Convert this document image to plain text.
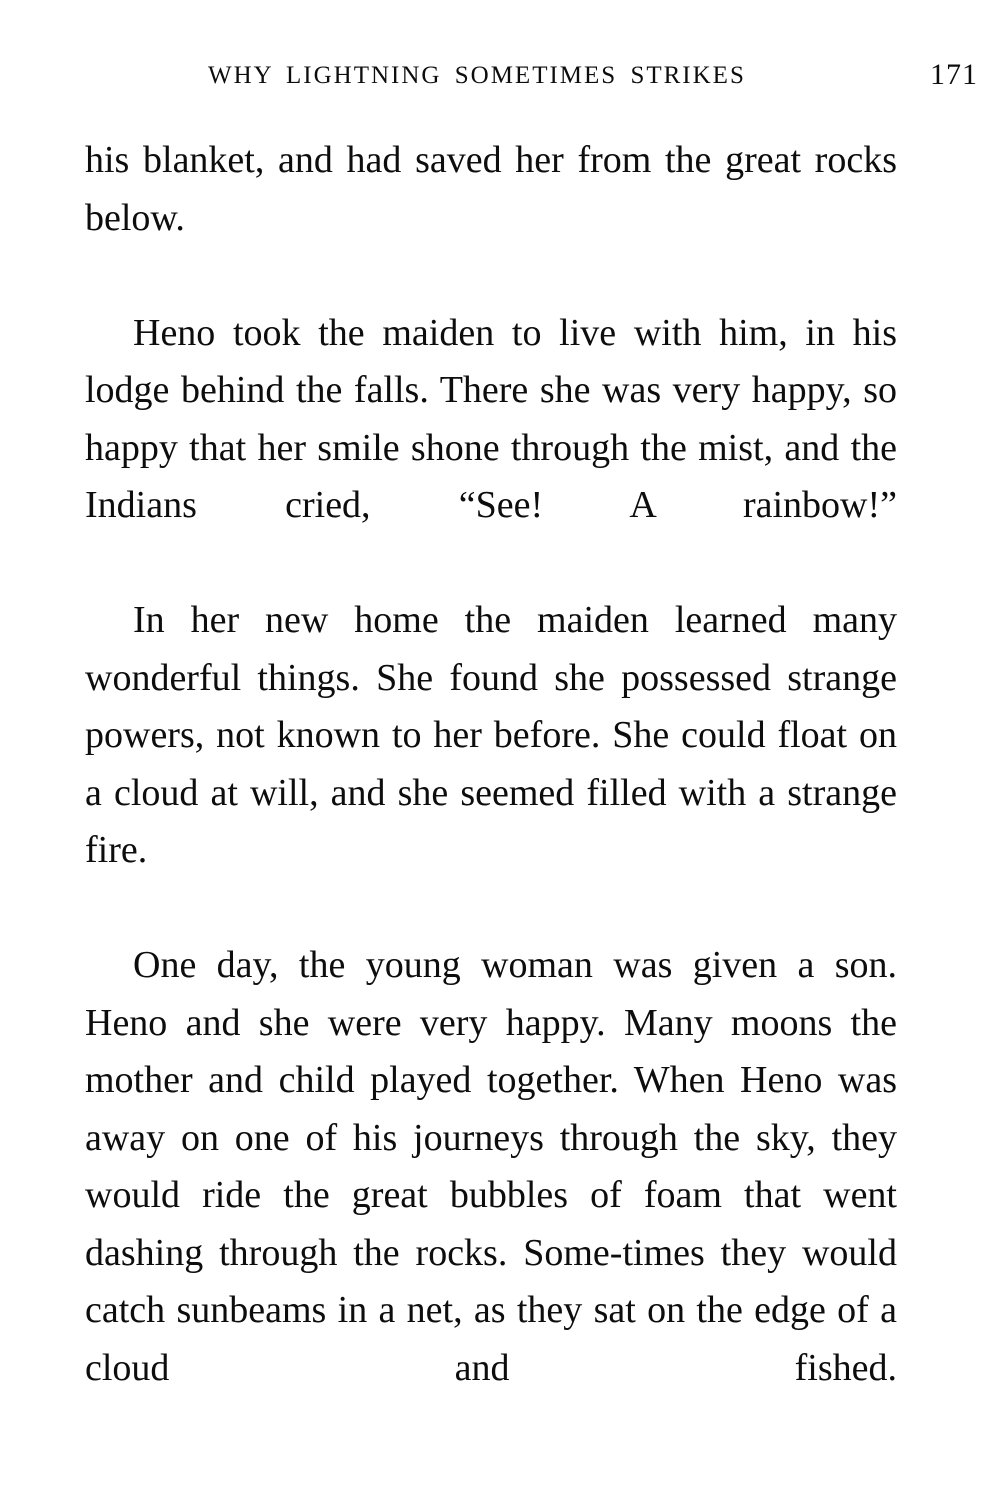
WHY LIGHTNING SOMETIMES STRIKES	171

his blanket, and had saved her from the great rocks below.

Heno took the maiden to live with him, in his lodge behind the falls. There she was very happy, so happy that her smile shone through the mist, and the Indians cried, “See! A rainbow!”

In her new home the maiden learned many wonderful things. She found she possessed strange powers, not known to her before. She could float on a cloud at will, and she seemed filled with a strange fire.

One day, the young woman was given a son. Heno and she were very happy. Many moons the mother and child played together. When Heno was away on one of his journeys through the sky, they would ride the great bubbles of foam that went dashing through the rocks. Some-times they would catch sunbeams in a net, as they sat on the edge of a cloud and fished.
